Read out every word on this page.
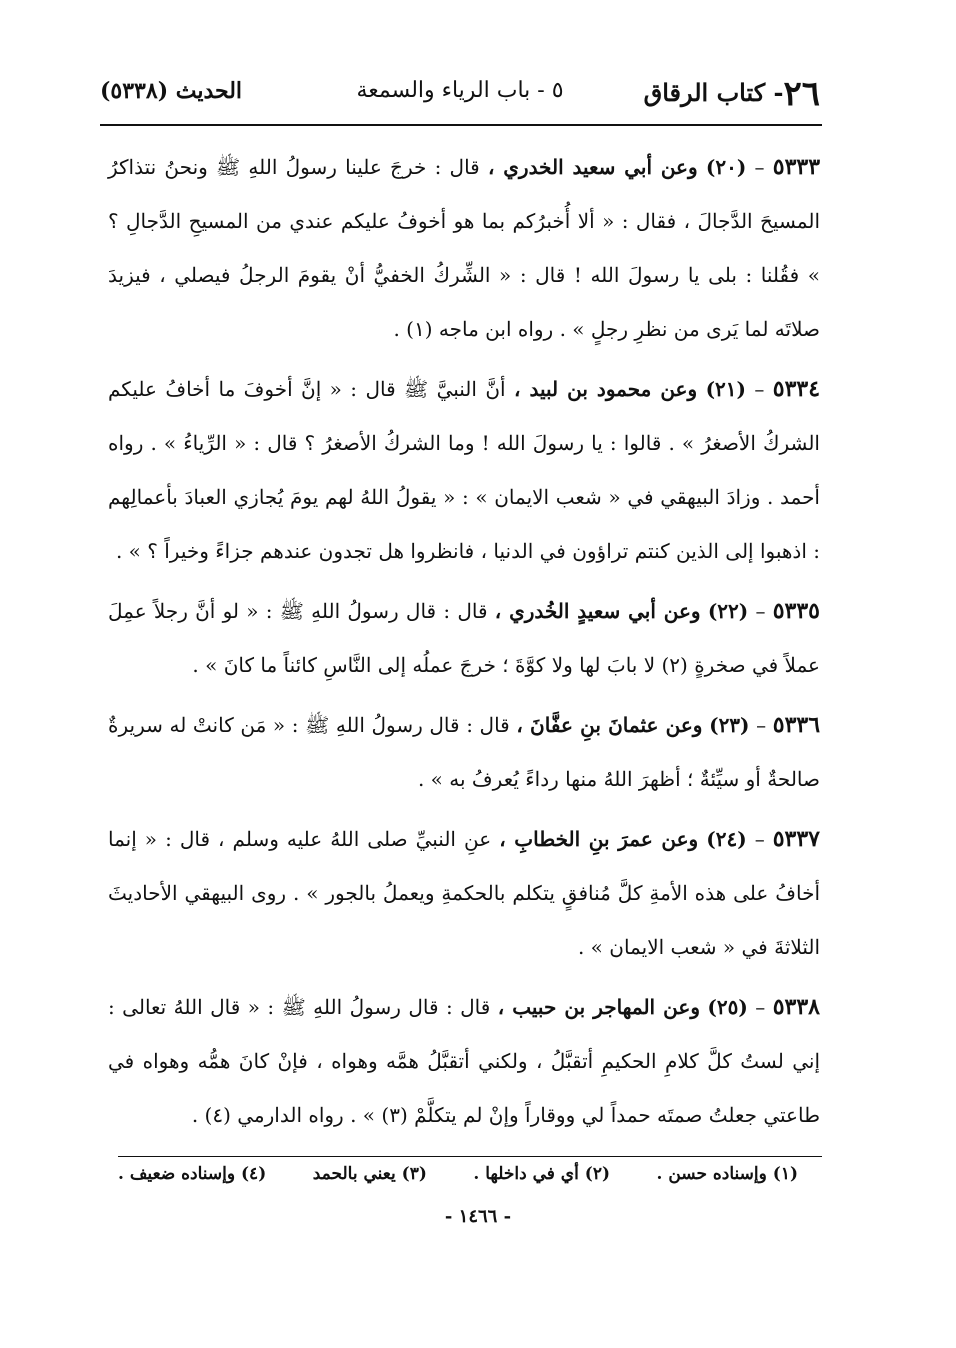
٢٦- كتاب الرقاق
٥ - باب الرياء والسمعة
الحديث (٥٣٣٨)

٥٣٣٣ – (٢٠) وعن أبي سعيد الخدري ، قال : خرجَ علينا رسولُ اللهِ ﷺ ونحنُ نتذاكرُ المسيحَ الدَّجالَ ، فقال : « ألا أُخبرُكم بما هو أخوفُ عليكم عندي من المسيحِ الدَّجالِ ؟ » فقُلنا : بلى يا رسولَ الله ! قال : « الشِّركُ الخفيُّ أنْ يقومَ الرجلُ فيصلي ، فيزيدَ صلاتَه لما يَرى من نظرِ رجلٍ » . رواه ابن ماجه (١) .

٥٣٣٤ – (٢١) وعن محمود بن لبيد ، أنَّ النبيَّ ﷺ قال : « إنَّ أخوفَ ما أخافُ عليكم الشركُ الأصغرُ » . قالوا : يا رسولَ الله ! وما الشركُ الأصغرُ ؟ قال : « الرِّياءُ » . رواه أحمد . وزادَ البيهقي في « شعب الايمان » : « يقولُ اللهُ لهم يومَ يُجازي العبادَ بأعمالِهم : اذهبوا إلى الذين كنتم تراؤون في الدنيا ، فانظروا هل تجدون عندهم جزاءً وخيراً ؟ » .

٥٣٣٥ – (٢٢) وعن أبي سعيدٍ الخُدري ، قال : قال رسولُ اللهِ ﷺ : « لو أنَّ رجلاً عمِلَ عملاً في صخرةٍ (٢) لا بابَ لها ولا كوَّةَ ؛ خرجَ عملُه إلى النَّاسِ كائناً ما كانَ » .

٥٣٣٦ – (٢٣) وعن عثمانَ بنِ عفَّانَ ، قال : قال رسولُ اللهِ ﷺ : « مَن كانتْ له سريرةٌ صالحةٌ أو سيِّئةٌ ؛ أظهرَ اللهُ منها رداءً يُعرفُ به » .

٥٣٣٧ – (٢٤) وعن عمرَ بنِ الخطابِ ، عنِ النبيِّ صلى اللهُ عليه وسلم ، قال : « إنما أخافُ على هذه الأمةِ كلَّ مُنافقٍ يتكلم بالحكمةِ ويعملُ بالجور » . روى البيهقي الأحاديثَ الثلاثةَ في « شعب الايمان » .

٥٣٣٨ – (٢٥) وعن المهاجر بن حبيب ، قال : قال رسولُ اللهِ ﷺ : « قال اللهُ تعالى : إني لستُ كلَّ كلامِ الحكيمِ أتقبَّلُ ، ولكني أتقبَّلُ همَّه وهواه ، فإنْ كانَ همُّه وهواه في طاعتي جعلتُ صمتَه حمداً لي ووقاراً وإنْ لم يتكلَّمْ (٣) » . رواه الدارمي (٤) .

(١) وإسناده حسن .
(٢) أي في داخلها .
(٣) يعني بالحمد
(٤) وإسناده ضعيف .
- ١٤٦٦ -
